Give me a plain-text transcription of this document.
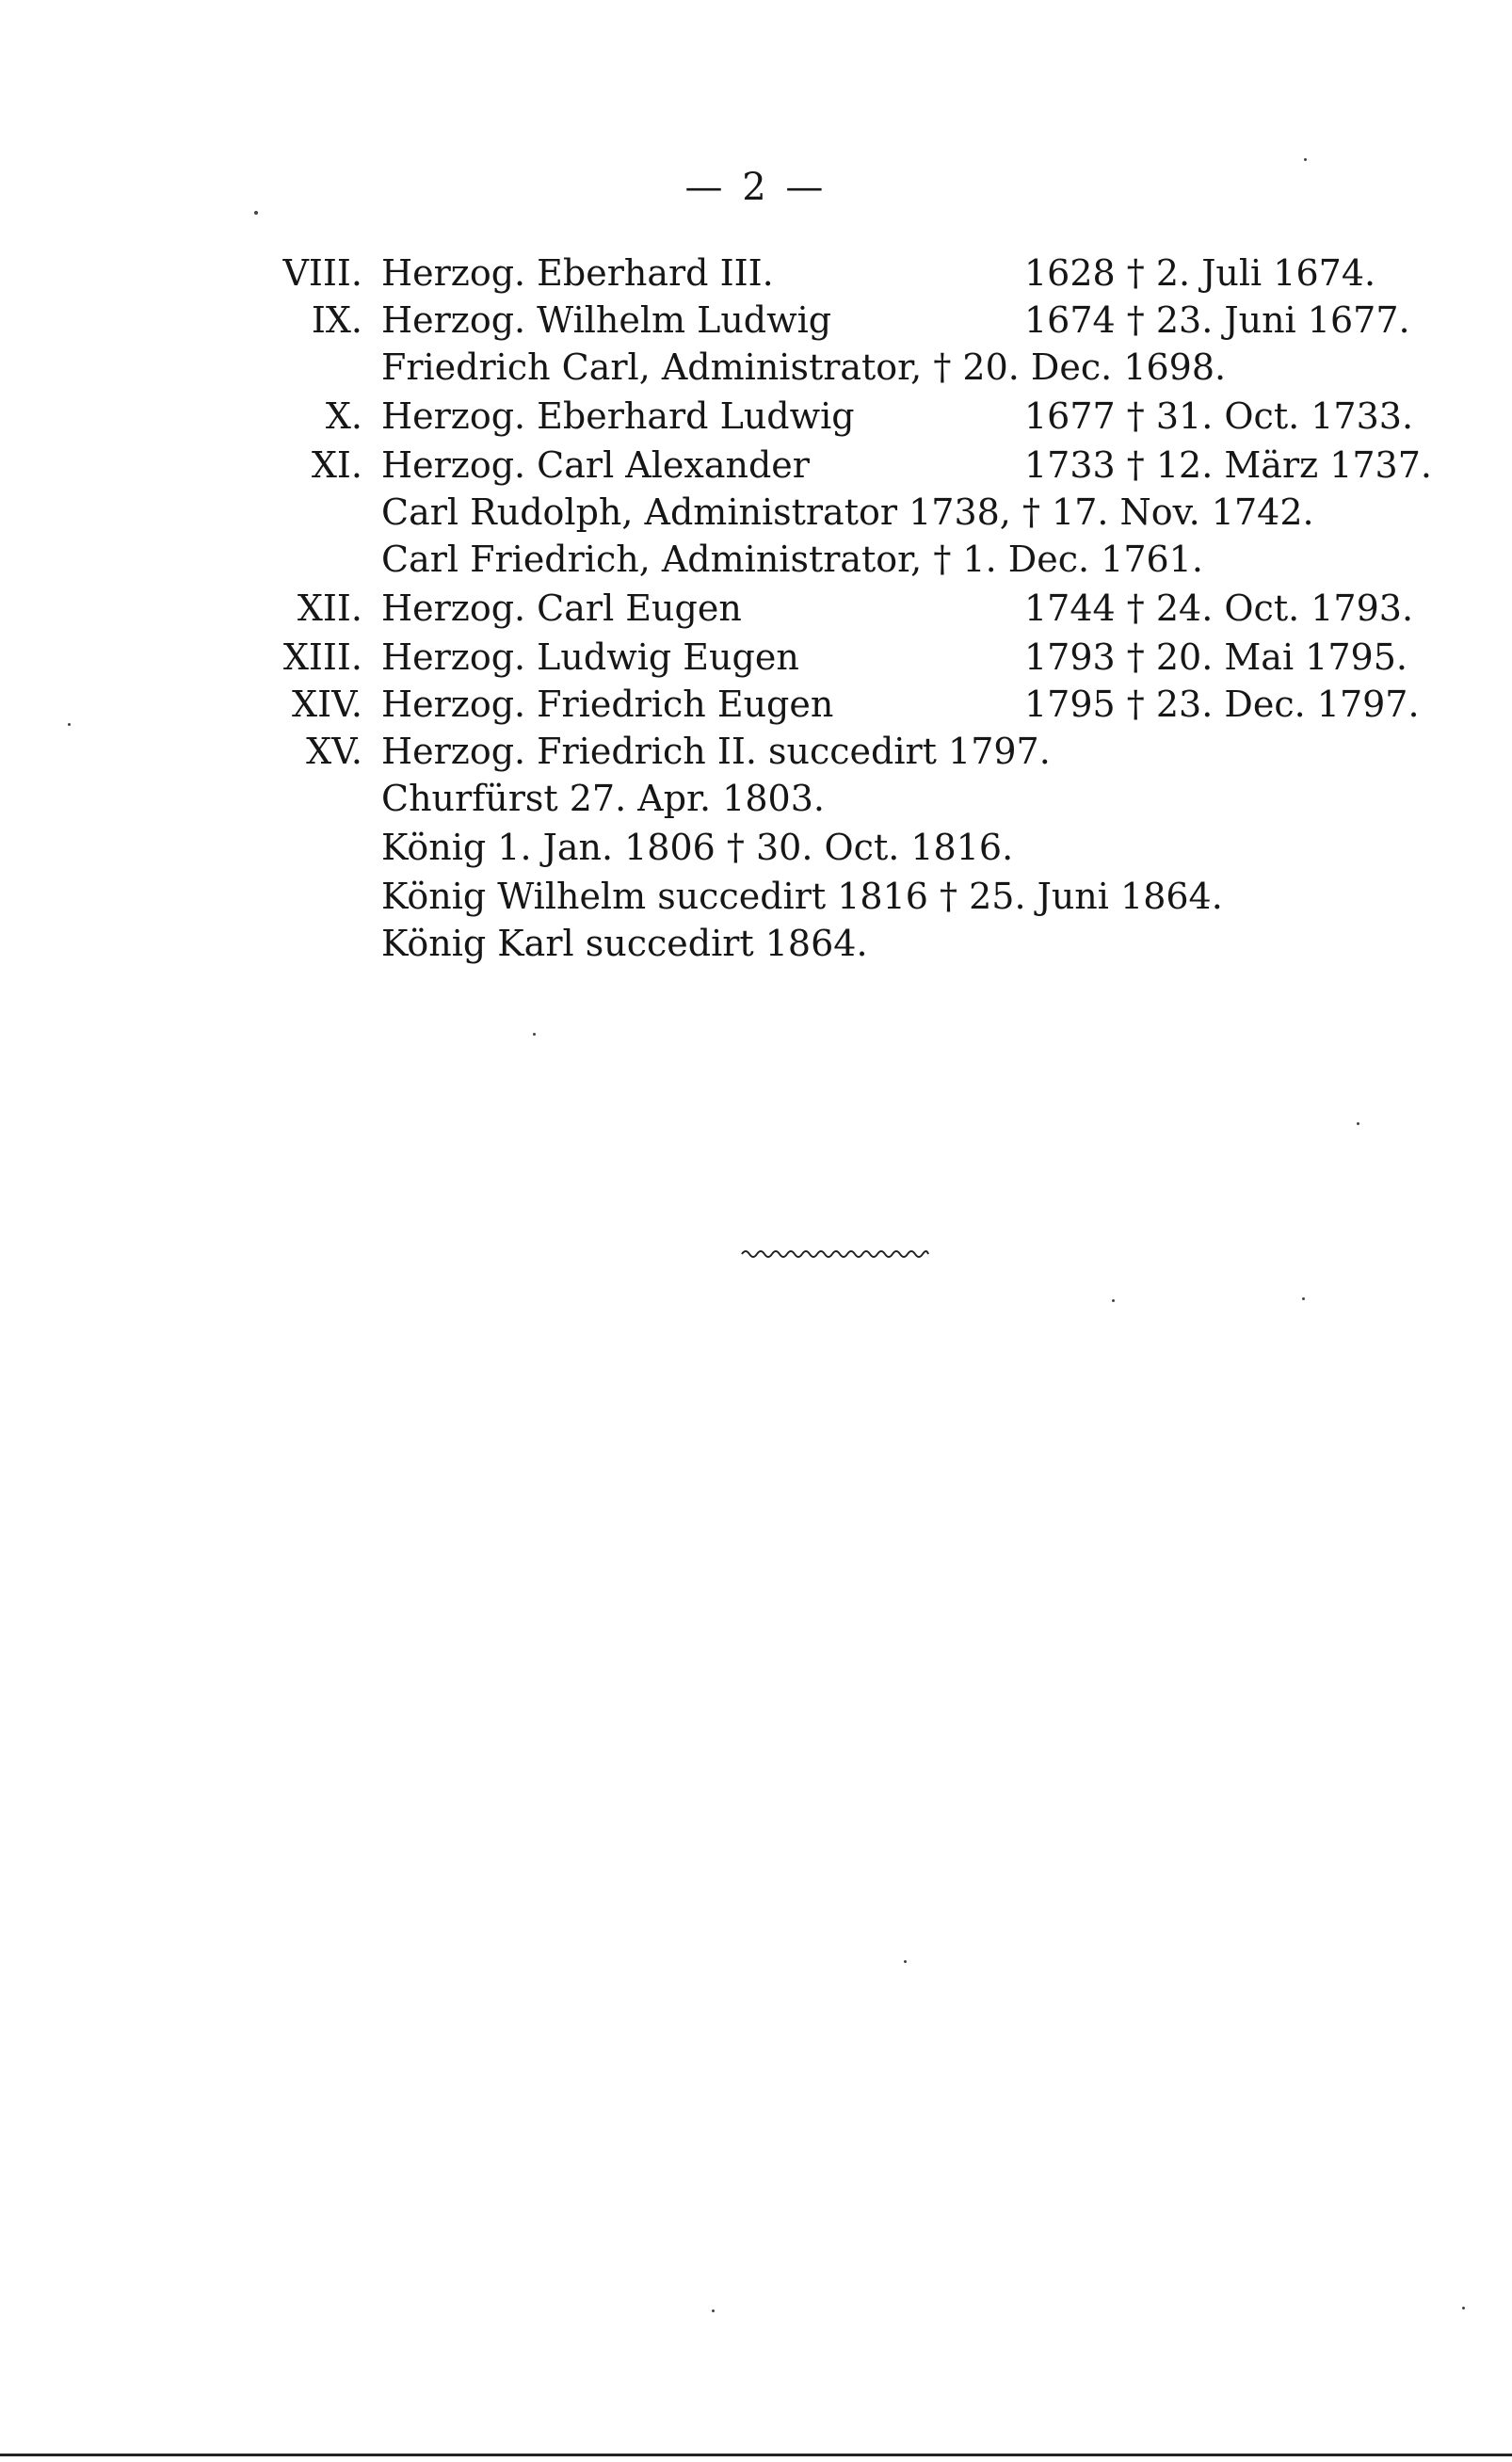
— 2 —
VIII. Herzog. Eberhard III.	1628 † 2. Juli 1674.
IX. Herzog. Wilhelm Ludwig	1674 † 23. Juni 1677.
Friedrich Carl, Administrator, † 20. Dec. 1698.
X. Herzog. Eberhard Ludwig	1677 † 31. Oct. 1733.
XI. Herzog. Carl Alexander	1733 † 12. März 1737.
Carl Rudolph, Administrator 1738, † 17. Nov. 1742.
Carl Friedrich, Administrator, † 1. Dec. 1761.
XII. Herzog. Carl Eugen	1744 † 24. Oct. 1793.
XIII. Herzog. Ludwig Eugen	1793 † 20. Mai 1795.
XIV. Herzog. Friedrich Eugen	1795 † 23. Dec. 1797.
XV. Herzog. Friedrich II. succedirt 1797.
Churfürst 27. Apr. 1803.
König 1. Jan. 1806 † 30. Oct. 1816.
König Wilhelm succedirt 1816 † 25. Juni 1864.
König Karl succedirt 1864.
